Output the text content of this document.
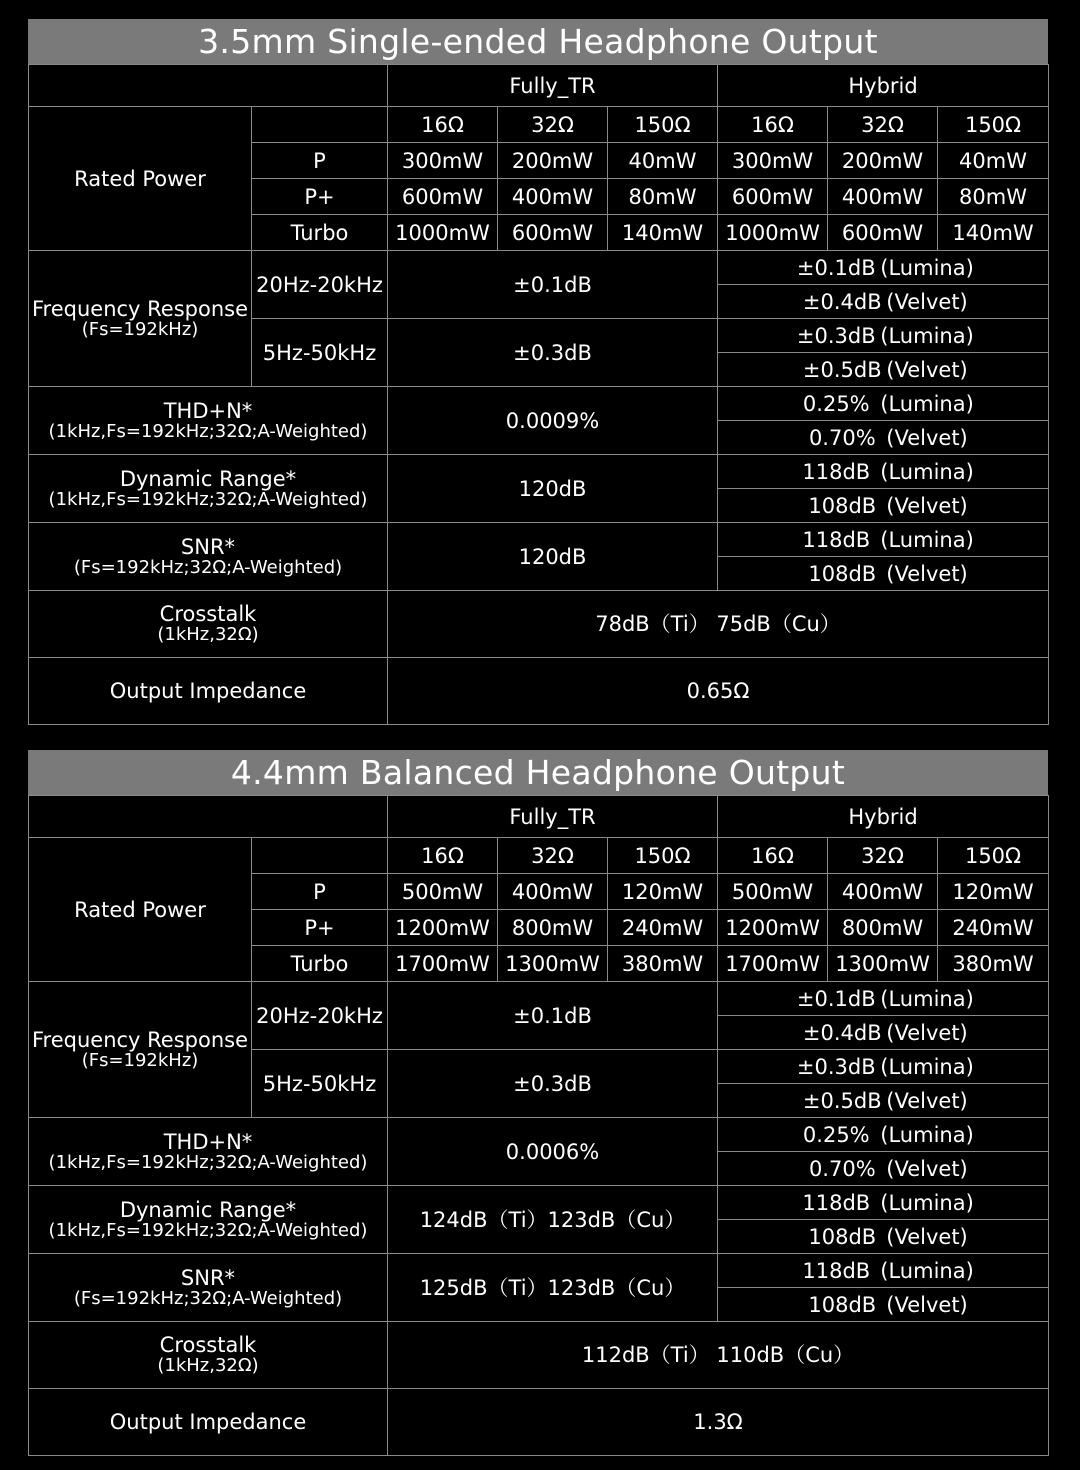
3.5mm Single-ended Headphone Output
		Fully_TR			Hybrid		

Rated Power		16Ω	32Ω	150Ω	16Ω	32Ω	150Ω
	P	300mW	200mW	40mW	300mW	200mW	40mW
	P+	600mW	400mW	80mW	600mW	400mW	80mW
	Turbo	1000mW	600mW	140mW	1000mW	600mW	140mW

Frequency Response
(Fs=192kHz)	20Hz-20kHz	±0.1dB			±0.1dB (Lumina)		
					±0.4dB (Velvet)		
	5Hz-50kHz	±0.3dB			±0.3dB (Lumina)		
					±0.5dB (Velvet)		

THD+N*
(1kHz,Fs=192kHz;32Ω;A-Weighted)		0.0009%			0.25% (Lumina)		
					0.70% (Velvet)		

Dynamic Range*
(1kHz,Fs=192kHz;32Ω;A-Weighted)		120dB			118dB (Lumina)		
					108dB (Velvet)		

SNR*
(Fs=192kHz;32Ω;A-Weighted)		120dB			118dB (Lumina)		
					108dB (Velvet)		

Crosstalk
(1kHz,32Ω)		78dB（Ti） 75dB（Cu）					

Output Impedance		0.65Ω					
4.4mm Balanced Headphone Output
		Fully_TR			Hybrid		

Rated Power		16Ω	32Ω	150Ω	16Ω	32Ω	150Ω
	P	500mW	400mW	120mW	500mW	400mW	120mW
	P+	1200mW	800mW	240mW	1200mW	800mW	240mW
	Turbo	1700mW	1300mW	380mW	1700mW	1300mW	380mW

Frequency Response
(Fs=192kHz)	20Hz-20kHz	±0.1dB			±0.1dB (Lumina)		
					±0.4dB (Velvet)		
	5Hz-50kHz	±0.3dB			±0.3dB (Lumina)		
					±0.5dB (Velvet)		

THD+N*
(1kHz,Fs=192kHz;32Ω;A-Weighted)		0.0006%			0.25% (Lumina)		
					0.70% (Velvet)		

Dynamic Range*
(1kHz,Fs=192kHz;32Ω;A-Weighted)		124dB（Ti）123dB（Cu）			118dB (Lumina)		
					108dB (Velvet)		

SNR*
(Fs=192kHz;32Ω;A-Weighted)		125dB（Ti）123dB（Cu）			118dB (Lumina)		
					108dB (Velvet)		

Crosstalk
(1kHz,32Ω)		112dB（Ti） 110dB（Cu）					

Output Impedance		1.3Ω					
